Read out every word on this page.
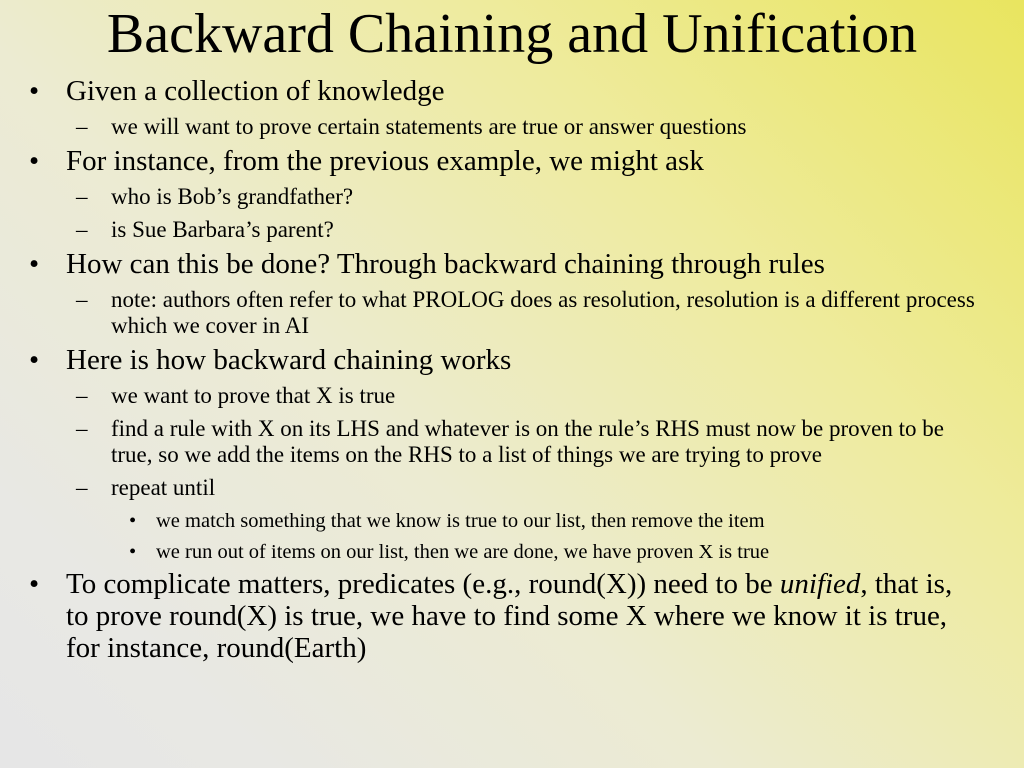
Backward Chaining and Unification
• Given a collection of knowledge
– we will want to prove certain statements are true or answer questions
• For instance, from the previous example, we might ask
– who is Bob’s grandfather?
– is Sue Barbara’s parent?
• How can this be done? Through backward chaining through rules
– note: authors often refer to what PROLOG does as resolution, resolution is a different process which we cover in AI
• Here is how backward chaining works
– we want to prove that X is true
– find a rule with X on its LHS and whatever is on the rule’s RHS must now be proven to be true, so we add the items on the RHS to a list of things we are trying to prove
– repeat until
• we match something that we know is true to our list, then remove the item
• we run out of items on our list, then we are done, we have proven X is true
• To complicate matters, predicates (e.g., round(X)) need to be unified, that is, to prove round(X) is true, we have to find some X where we know it is true, for instance, round(Earth)
